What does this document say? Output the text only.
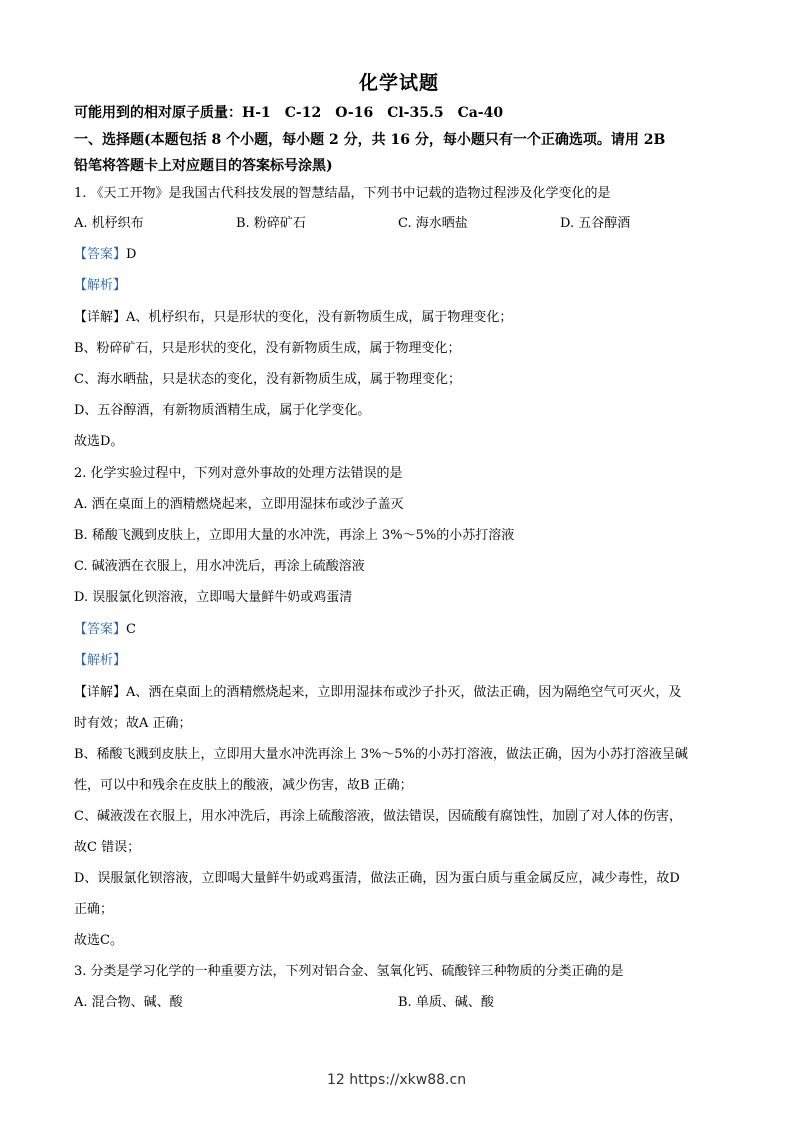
化学试题
可能用到的相对原子质量：H-1　C-12　O-16　Cl-35.5　Ca-40
一、选择题(本题包括 8 个小题，每小题 2 分，共 16 分，每小题只有一个正确选项。请用 2B
铅笔将答题卡上对应题目的答案标号涂黑)
1. 《天工开物》是我国古代科技发展的智慧结晶，下列书中记载的造物过程涉及化学变化的是
A. 机杼织布	B. 粉碎矿石	C. 海水晒盐	D. 五谷醇酒
【答案】D
【解析】
【详解】A、机杼织布，只是形状的变化，没有新物质生成，属于物理变化；
B、粉碎矿石，只是形状的变化，没有新物质生成，属于物理变化；
C、海水晒盐，只是状态的变化，没有新物质生成，属于物理变化；
D、五谷醇酒，有新物质酒精生成，属于化学变化。
故选D。
2. 化学实验过程中，下列对意外事故的处理方法错误的是
A. 洒在桌面上的酒精燃烧起来，立即用湿抹布或沙子盖灭
B. 稀酸飞溅到皮肤上，立即用大量的水冲洗，再涂上 3%～5%的小苏打溶液
C. 碱液洒在衣服上，用水冲洗后，再涂上硫酸溶液
D. 误服氯化钡溶液，立即喝大量鲜牛奶或鸡蛋清
【答案】C
【解析】
【详解】A、洒在桌面上的酒精燃烧起来，立即用湿抹布或沙子扑灭，做法正确，因为隔绝空气可灭火，及
时有效；故A 正确；
B、稀酸飞溅到皮肤上，立即用大量水冲洗再涂上 3%～5%的小苏打溶液，做法正确，因为小苏打溶液呈碱
性，可以中和残余在皮肤上的酸液，减少伤害，故B 正确；
C、碱液泼在衣服上，用水冲洗后，再涂上硫酸溶液，做法错误，因硫酸有腐蚀性，加剧了对人体的伤害，
故C 错误；
D、误服氯化钡溶液，立即喝大量鲜牛奶或鸡蛋清，做法正确，因为蛋白质与重金属反应，减少毒性，故D
正确；
故选C。
3. 分类是学习化学的一种重要方法，下列对铝合金、氢氧化钙、硫酸锌三种物质的分类正确的是
A. 混合物、碱、酸	B. 单质、碱、酸
12 https://xkw88.cn
